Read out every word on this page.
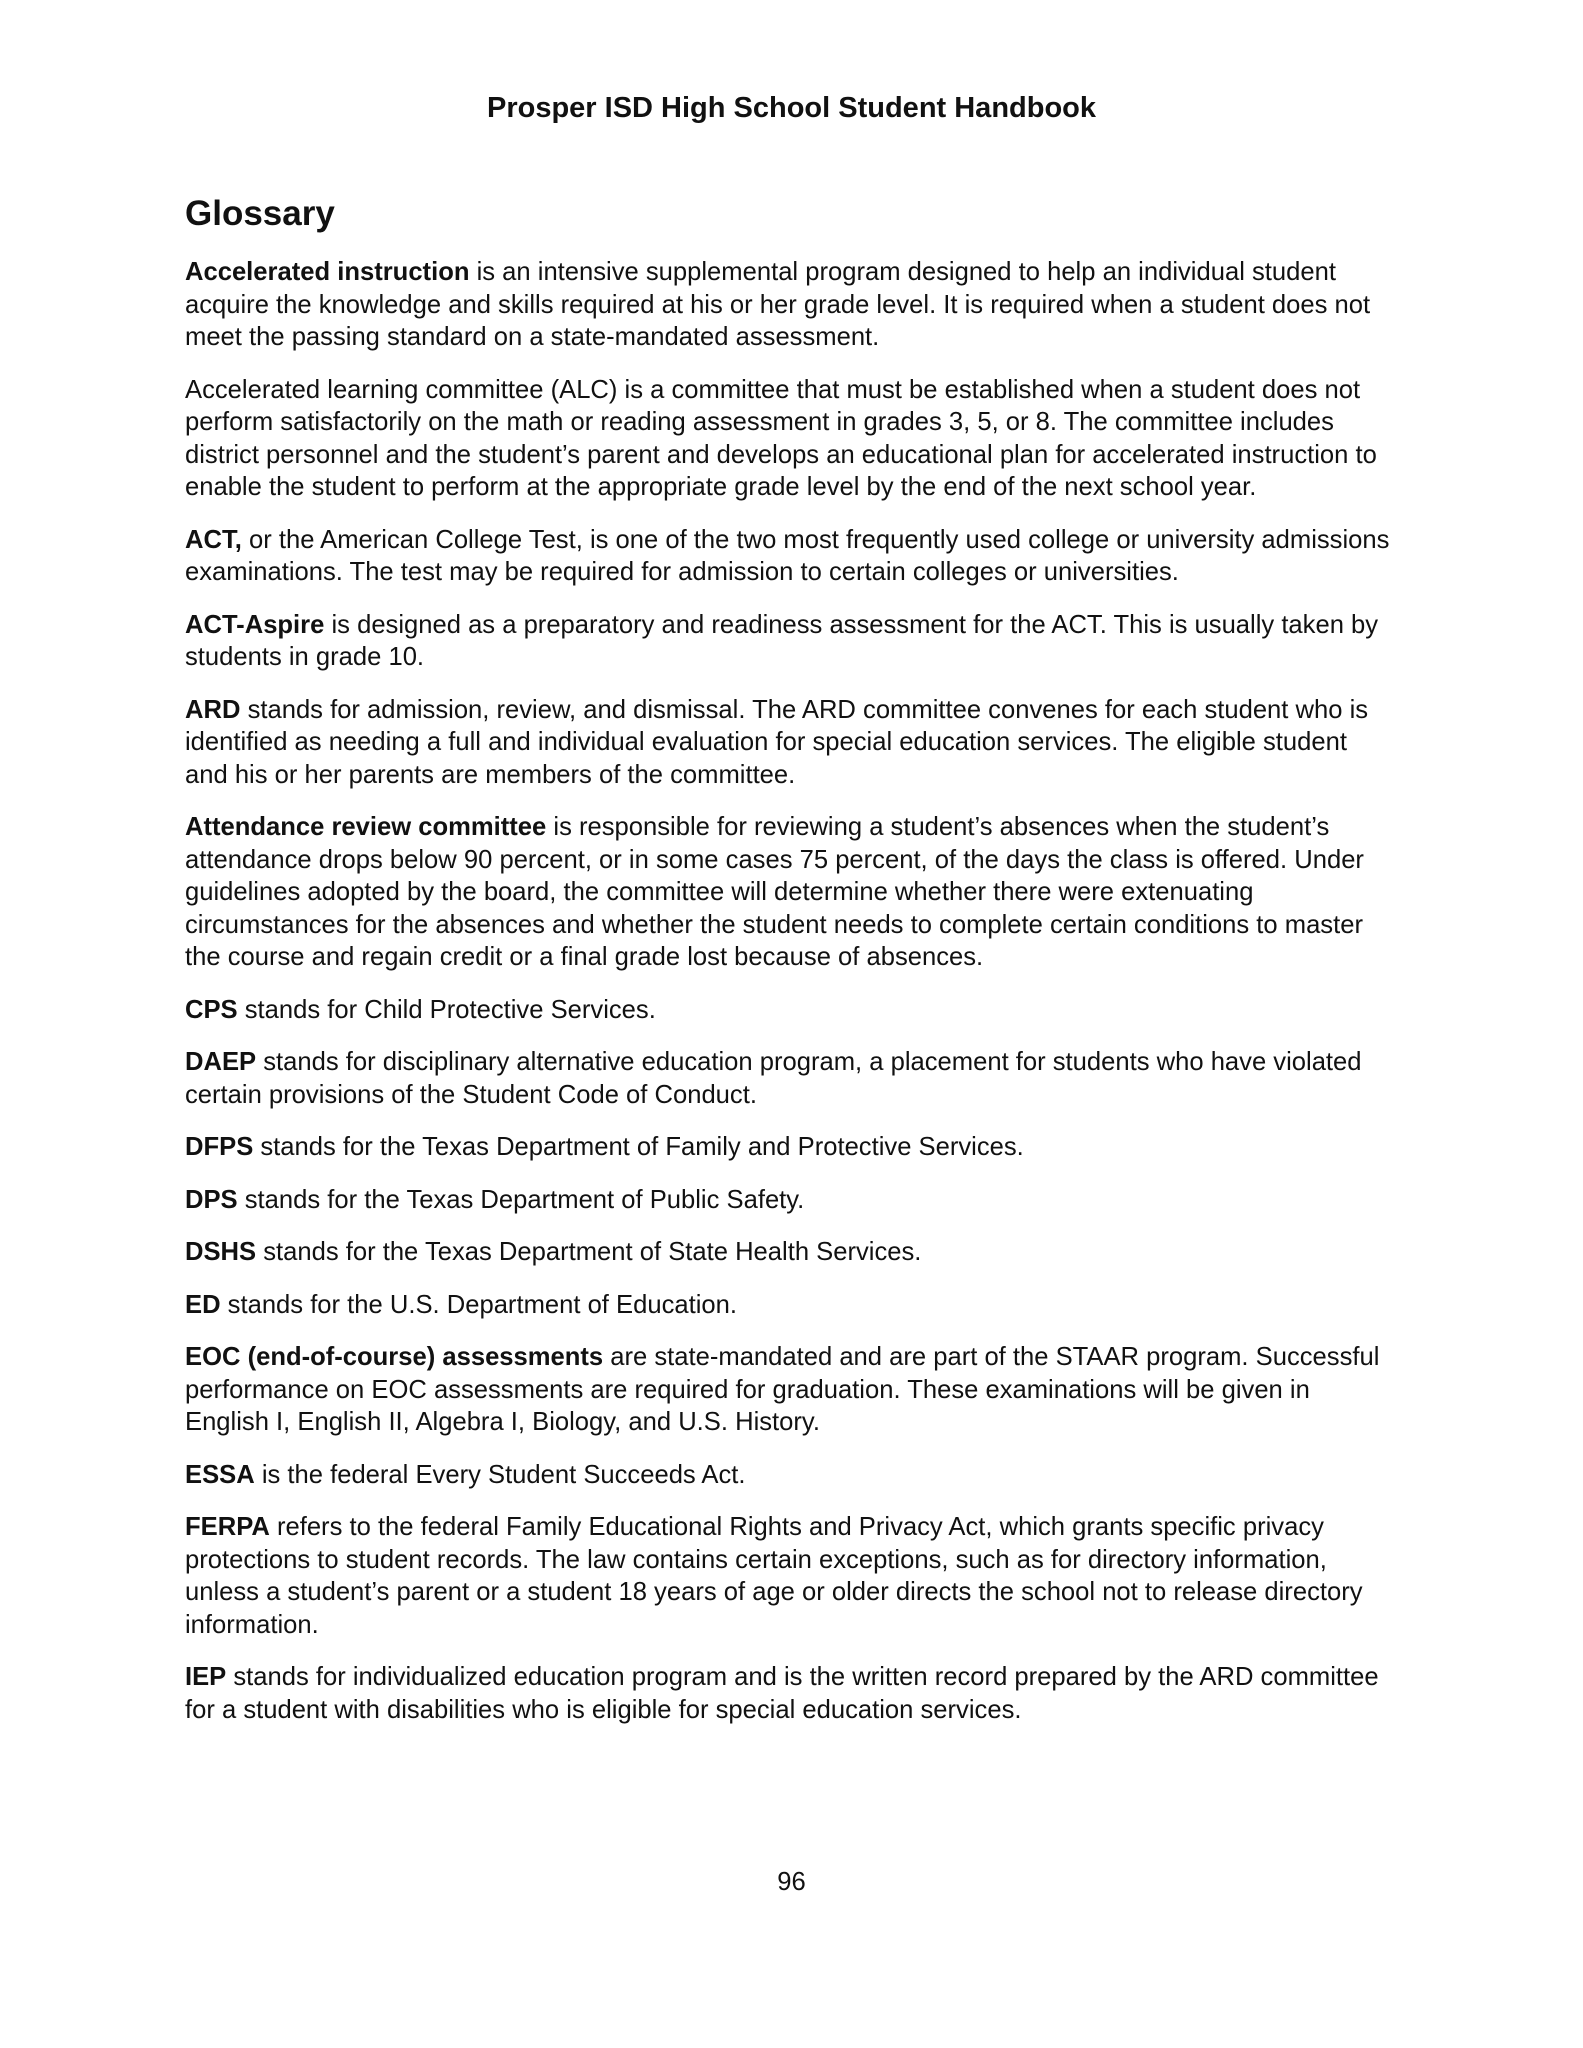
Prosper ISD High School Student Handbook
Glossary

Accelerated instruction is an intensive supplemental program designed to help an individual student acquire the knowledge and skills required at his or her grade level. It is required when a student does not meet the passing standard on a state-mandated assessment.

Accelerated learning committee (ALC) is a committee that must be established when a student does not perform satisfactorily on the math or reading assessment in grades 3, 5, or 8. The committee includes district personnel and the student’s parent and develops an educational plan for accelerated instruction to enable the student to perform at the appropriate grade level by the end of the next school year.

ACT, or the American College Test, is one of the two most frequently used college or university admissions examinations. The test may be required for admission to certain colleges or universities.

ACT-Aspire is designed as a preparatory and readiness assessment for the ACT. This is usually taken by students in grade 10.

ARD stands for admission, review, and dismissal. The ARD committee convenes for each student who is identified as needing a full and individual evaluation for special education services. The eligible student and his or her parents are members of the committee.

Attendance review committee is responsible for reviewing a student’s absences when the student’s attendance drops below 90 percent, or in some cases 75 percent, of the days the class is offered. Under guidelines adopted by the board, the committee will determine whether there were extenuating circumstances for the absences and whether the student needs to complete certain conditions to master the course and regain credit or a final grade lost because of absences.

CPS stands for Child Protective Services.

DAEP stands for disciplinary alternative education program, a placement for students who have violated certain provisions of the Student Code of Conduct.

DFPS stands for the Texas Department of Family and Protective Services.

DPS stands for the Texas Department of Public Safety.

DSHS stands for the Texas Department of State Health Services.

ED stands for the U.S. Department of Education.

EOC (end-of-course) assessments are state-mandated and are part of the STAAR program. Successful performance on EOC assessments are required for graduation. These examinations will be given in English I, English II, Algebra I, Biology, and U.S. History.

ESSA is the federal Every Student Succeeds Act.

FERPA refers to the federal Family Educational Rights and Privacy Act, which grants specific privacy protections to student records. The law contains certain exceptions, such as for directory information, unless a student’s parent or a student 18 years of age or older directs the school not to release directory information.

IEP stands for individualized education program and is the written record prepared by the ARD committee for a student with disabilities who is eligible for special education services.

96
